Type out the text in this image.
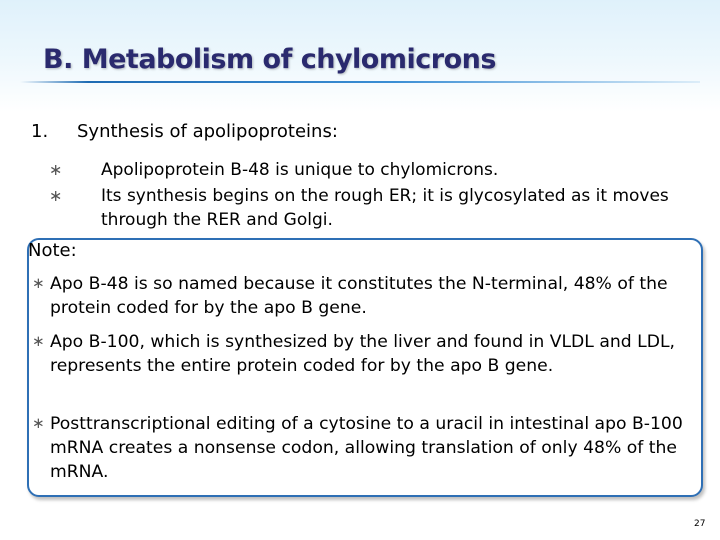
B. Metabolism of chylomicrons
1. Synthesis of apolipoproteins:
∗ Apolipoprotein B-48 is unique to chylomicrons.
∗ Its synthesis begins on the rough ER; it is glycosylated as it moves through the RER and Golgi.
Note:
∗ Apo B-48 is so named because it constitutes the N-terminal, 48% of the protein coded for by the apo B gene.
∗ Apo B-100, which is synthesized by the liver and found in VLDL and LDL, represents the entire protein coded for by the apo B gene.
∗ Posttranscriptional editing of a cytosine to a uracil in intestinal apo B-100 mRNA creates a nonsense codon, allowing translation of only 48% of the mRNA.
27
